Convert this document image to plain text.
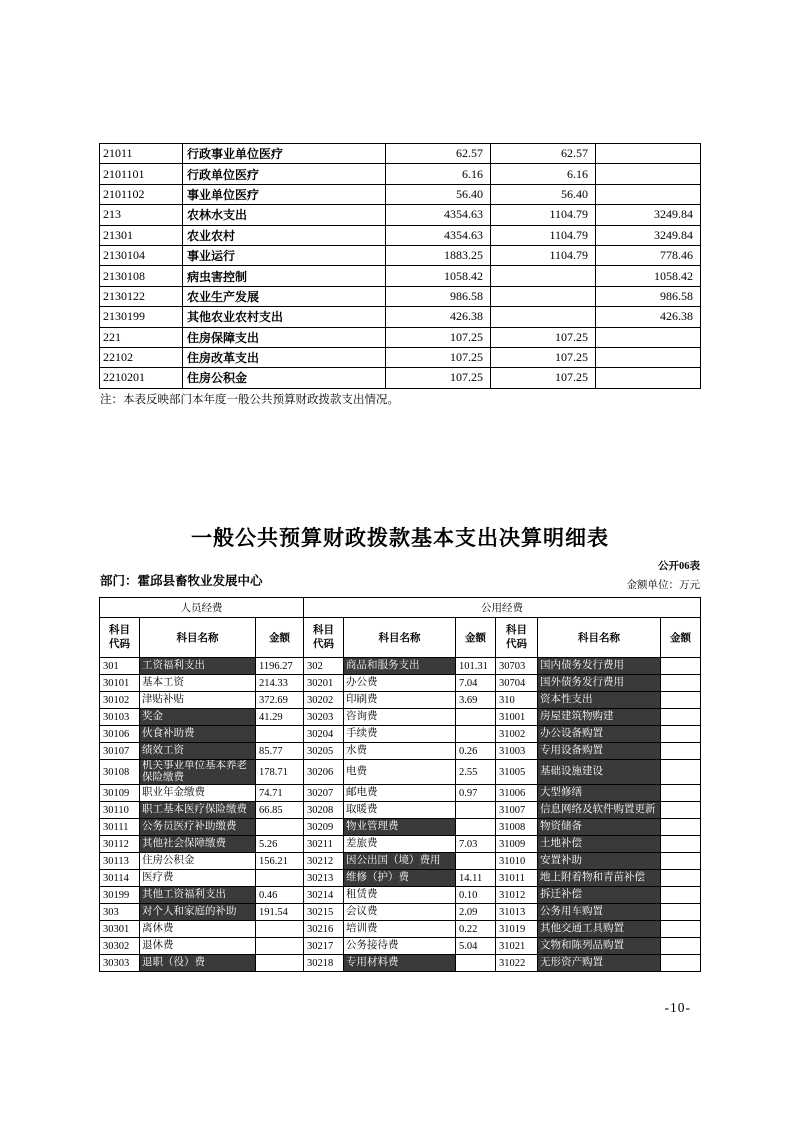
21011	行政事业单位医疗	62.57	62.57	
2101101	行政单位医疗	6.16	6.16	
2101102	事业单位医疗	56.40	56.40	
213	农林水支出	4354.63	1104.79	3249.84
21301	农业农村	4354.63	1104.79	3249.84
2130104	事业运行	1883.25	1104.79	778.46
2130108	病虫害控制	1058.42		1058.42
2130122	农业生产发展	986.58		986.58
2130199	其他农业农村支出	426.38		426.38
221	住房保障支出	107.25	107.25	
22102	住房改革支出	107.25	107.25	
2210201	住房公积金	107.25	107.25	
注：本表反映部门本年度一般公共预算财政拨款支出情况。
一般公共预算财政拨款基本支出决算明细表
公开06表
部门：霍邱县畜牧业发展中心	金额单位：万元
人员经费			公用经费					
科目代码	科目名称	金额	科目代码	科目名称	金额	科目代码	科目名称	金额
301	工资福利支出	1196.27	302	商品和服务支出	101.31	30703	国内债务发行费用	
30101	基本工资	214.33	30201	办公费	7.04	30704	国外债务发行费用	
30102	津贴补贴	372.69	30202	印刷费	3.69	310	资本性支出	
30103	奖金	41.29	30203	咨询费		31001	房屋建筑物购建	
30106	伙食补助费		30204	手续费		31002	办公设备购置	
30107	绩效工资	85.77	30205	水费	0.26	31003	专用设备购置	
30108	机关事业单位基本养老保险缴费	178.71	30206	电费	2.55	31005	基础设施建设	
30109	职业年金缴费	74.71	30207	邮电费	0.97	31006	大型修缮	
30110	职工基本医疗保险缴费	66.85	30208	取暖费		31007	信息网络及软件购置更新	
30111	公务员医疗补助缴费		30209	物业管理费		31008	物资储备	
30112	其他社会保障缴费	5.26	30211	差旅费	7.03	31009	土地补偿	
30113	住房公积金	156.21	30212	因公出国（境）费用		31010	安置补助	
30114	医疗费		30213	维修（护）费	14.11	31011	地上附着物和青苗补偿	
30199	其他工资福利支出	0.46	30214	租赁费	0.10	31012	拆迁补偿	
303	对个人和家庭的补助	191.54	30215	会议费	2.09	31013	公务用车购置	
30301	离休费		30216	培训费	0.22	31019	其他交通工具购置	
30302	退休费		30217	公务接待费	5.04	31021	文物和陈列品购置	
30303	退职（役）费		30218	专用材料费		31022	无形资产购置	
-10-
